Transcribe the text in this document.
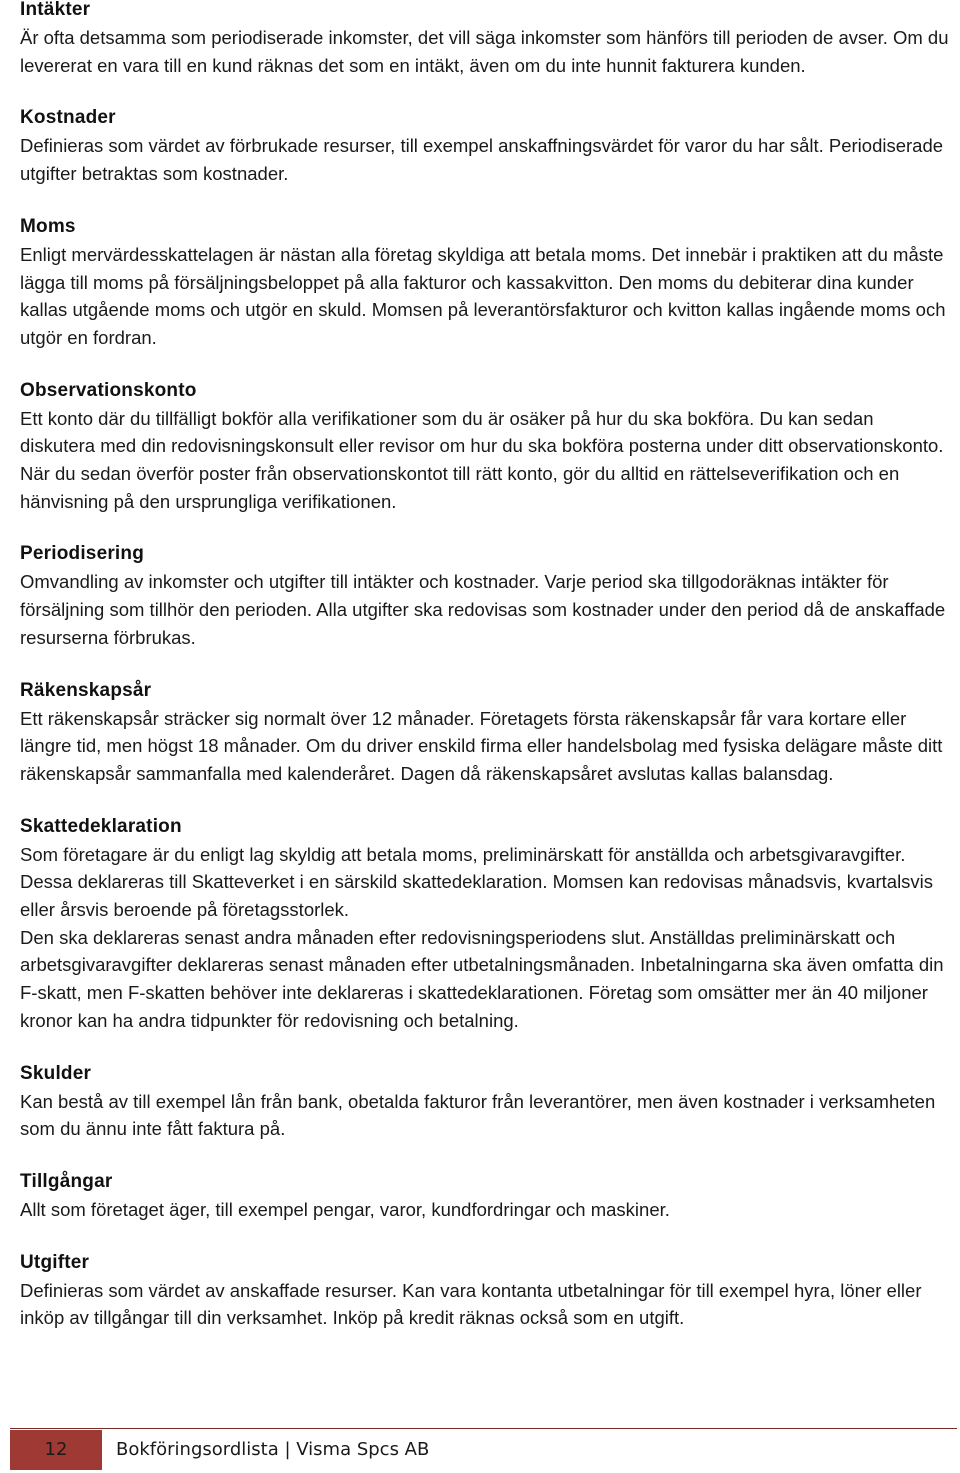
Intäkter

Är ofta detsamma som periodiserade inkomster, det vill säga inkomster som hänförs till perioden de avser. Om du levererat en vara till en kund räknas det som en intäkt, även om du inte hunnit fakturera kunden.

Kostnader

Definieras som värdet av förbrukade resurser, till exempel anskaffningsvärdet för varor du har sålt. Periodiserade utgifter betraktas som kostnader.

Moms

Enligt mervärdesskattelagen är nästan alla företag skyldiga att betala moms. Det innebär i praktiken att du måste lägga till moms på försäljningsbeloppet på alla fakturor och kassakvitton. Den moms du debiterar dina kunder kallas utgående moms och utgör en skuld. Momsen på leverantörsfakturor och kvitton kallas ingående moms och utgör en fordran.

Observationskonto

Ett konto där du tillfälligt bokför alla verifikationer som du är osäker på hur du ska bokföra. Du kan sedan diskutera med din redovisningskonsult eller revisor om hur du ska bokföra posterna under ditt observationskonto. När du sedan överför poster från observationskontot till rätt konto, gör du alltid en rättelseverifikation och en hänvisning på den ursprungliga verifikationen.

Periodisering

Omvandling av inkomster och utgifter till intäkter och kostnader. Varje period ska tillgodoräknas intäkter för försäljning som tillhör den perioden. Alla utgifter ska redovisas som kostnader under den period då de anskaffade resurserna förbrukas.

Räkenskapsår

Ett räkenskapsår sträcker sig normalt över 12 månader. Företagets första räkenskapsår får vara kortare eller längre tid, men högst 18 månader. Om du driver enskild firma eller handelsbolag med fysiska delägare måste ditt räkenskapsår sammanfalla med kalenderåret. Dagen då räkenskapsåret avslutas kallas balansdag.

Skattedeklaration

Som företagare är du enligt lag skyldig att betala moms, preliminärskatt för anställda och arbetsgivaravgifter. Dessa deklareras till Skatteverket i en särskild skattedeklaration. Momsen kan redovisas månadsvis, kvartalsvis eller årsvis beroende på företagsstorlek.

Den ska deklareras senast andra månaden efter redovisningsperiodens slut. Anställdas preliminärskatt och arbetsgivaravgifter deklareras senast månaden efter utbetalningsmånaden. Inbetalningarna ska även omfatta din F-skatt, men F-skatten behöver inte deklareras i skattedeklarationen. Företag som omsätter mer än 40 miljoner kronor kan ha andra tidpunkter för redovisning och betalning.

Skulder

Kan bestå av till exempel lån från bank, obetalda fakturor från leverantörer, men även kostnader i verksamheten som du ännu inte fått faktura på.

Tillgångar

Allt som företaget äger, till exempel pengar, varor, kundfordringar och maskiner.

Utgifter

Definieras som värdet av anskaffade resurser. Kan vara kontanta utbetalningar för till exempel hyra, löner eller inköp av tillgångar till din verksamhet. Inköp på kredit räknas också som en utgift.

12	Bokföringsordlista | Visma Spcs AB
